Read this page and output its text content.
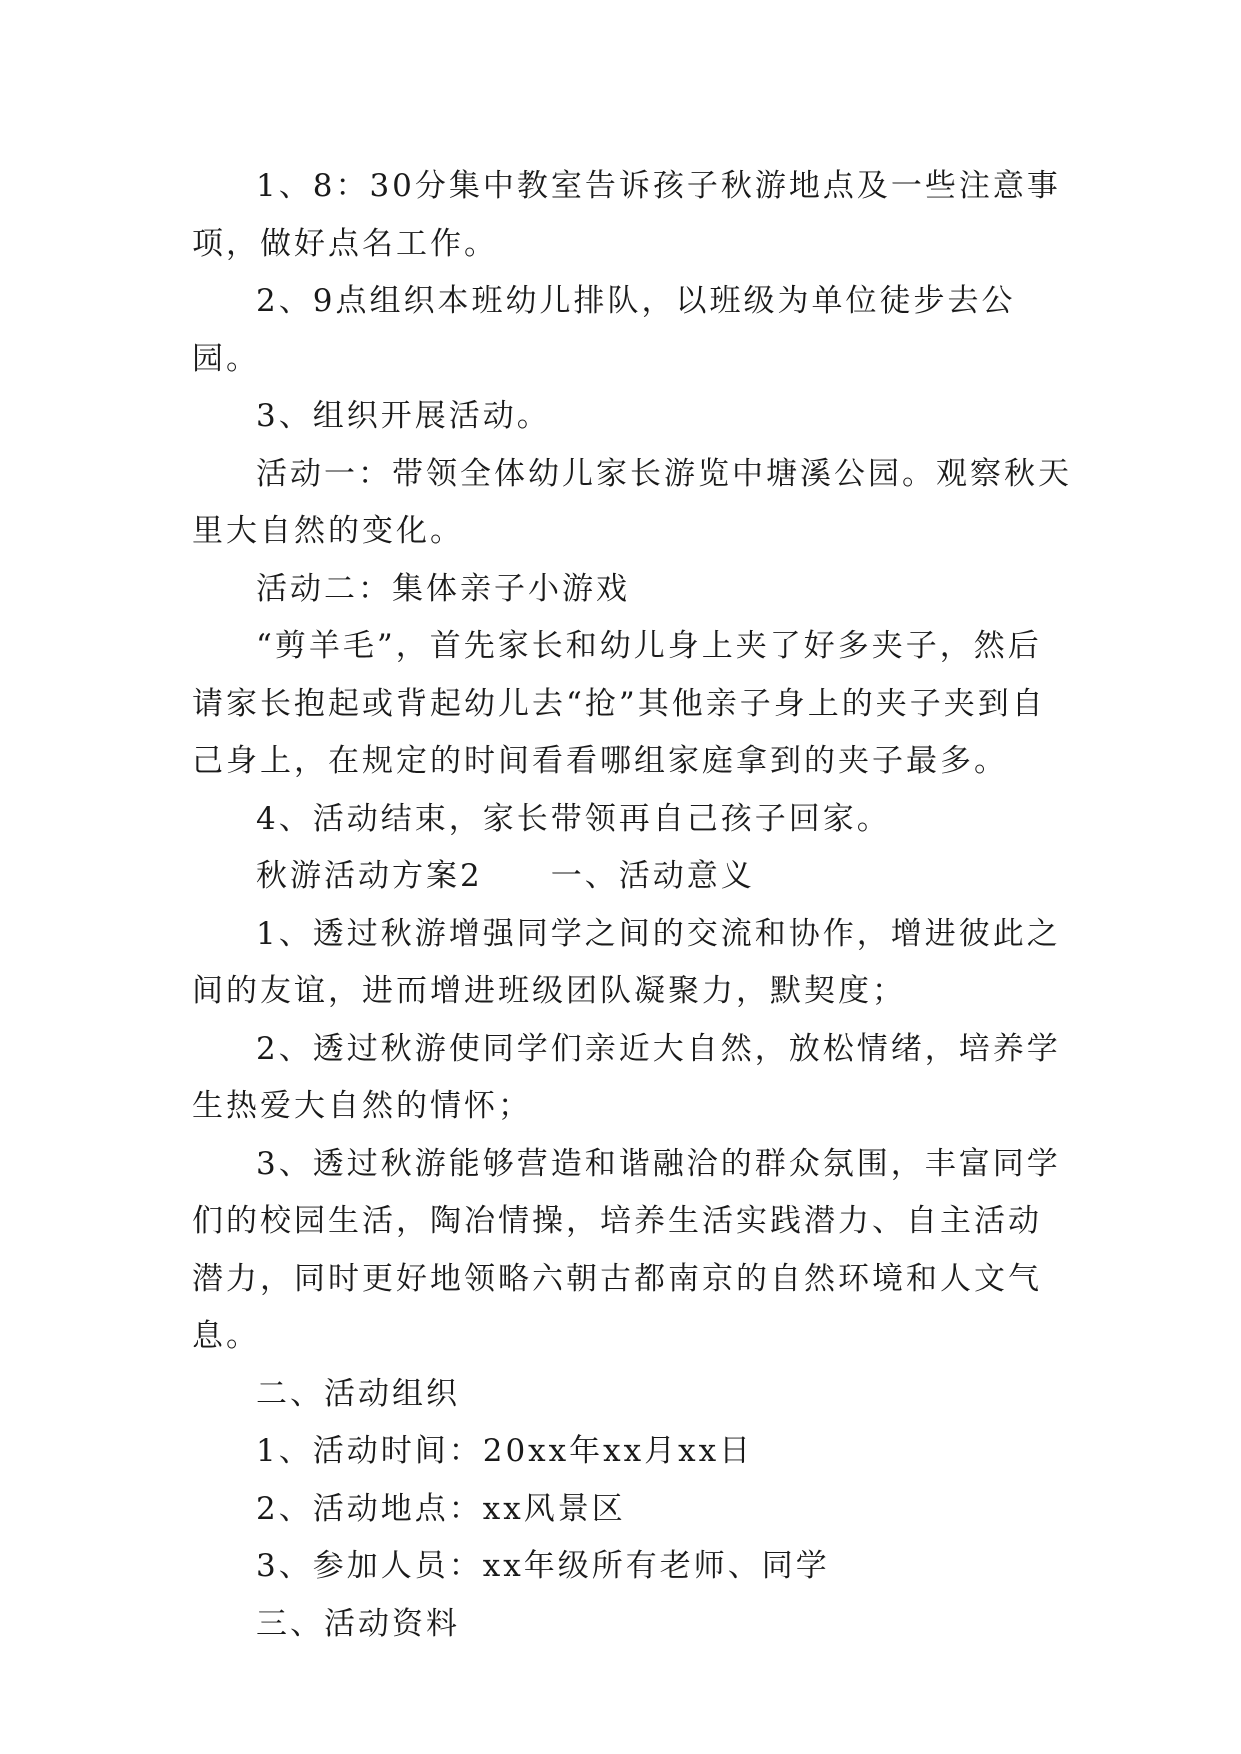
1、8：30分集中教室告诉孩子秋游地点及一些注意事项，做好点名工作。

2、9点组织本班幼儿排队，以班级为单位徒步去公园。

3、组织开展活动。

活动一：带领全体幼儿家长游览中塘溪公园。观察秋天里大自然的变化。

活动二：集体亲子小游戏

“剪羊毛”，首先家长和幼儿身上夹了好多夹子，然后请家长抱起或背起幼儿去“抢”其他亲子身上的夹子夹到自己身上，在规定的时间看看哪组家庭拿到的夹子最多。

4、活动结束，家长带领再自己孩子回家。

秋游活动方案2　　一、活动意义

1、透过秋游增强同学之间的交流和协作，增进彼此之间的友谊，进而增进班级团队凝聚力，默契度；

2、透过秋游使同学们亲近大自然，放松情绪，培养学生热爱大自然的情怀；

3、透过秋游能够营造和谐融洽的群众氛围，丰富同学们的校园生活，陶冶情操，培养生活实践潜力、自主活动潜力，同时更好地领略六朝古都南京的自然环境和人文气息。

二、活动组织

1、活动时间：20xx年xx月xx日

2、活动地点：xx风景区

3、参加人员：xx年级所有老师、同学

三、活动资料
